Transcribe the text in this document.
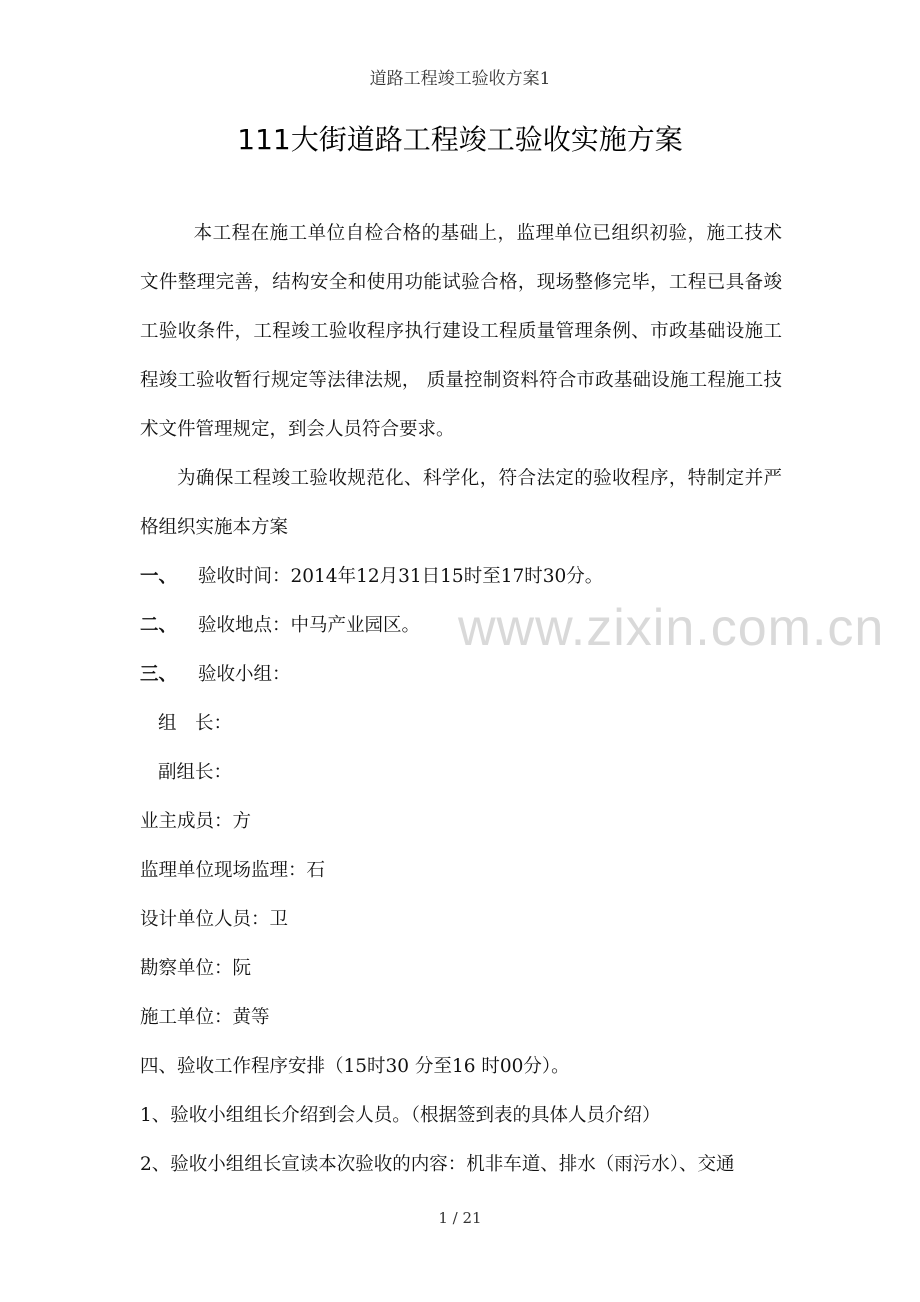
道路工程竣工验收方案1
111大街道路工程竣工验收实施方案
www.zixin.com.cn

本工程在施工单位自检合格的基础上，监理单位已组织初验，施工技术文件整理完善，结构安全和使用功能试验合格，现场整修完毕，工程已具备竣工验收条件，工程竣工验收程序执行建设工程质量管理条例、市政基础设施工程竣工验收暂行规定等法律法规， 质量控制资料符合市政基础设施工程施工技术文件管理规定，到会人员符合要求。

为确保工程竣工验收规范化、科学化，符合法定的验收程序，特制定并严格组织实施本方案

一、 验收时间：2014年12月31日15时至17时30分。

二、 验收地点：中马产业园区。

三、 验收小组：

组　长：

副组长：

业主成员：方

监理单位现场监理：石

设计单位人员：卫

勘察单位：阮

施工单位：黄等

四、验收工作程序安排（15时30 分至16 时00分）。

1、验收小组组长介绍到会人员。（根据签到表的具体人员介绍）

2、验收小组组长宣读本次验收的内容：机非车道、排水（雨污水）、交通

1 / 21
